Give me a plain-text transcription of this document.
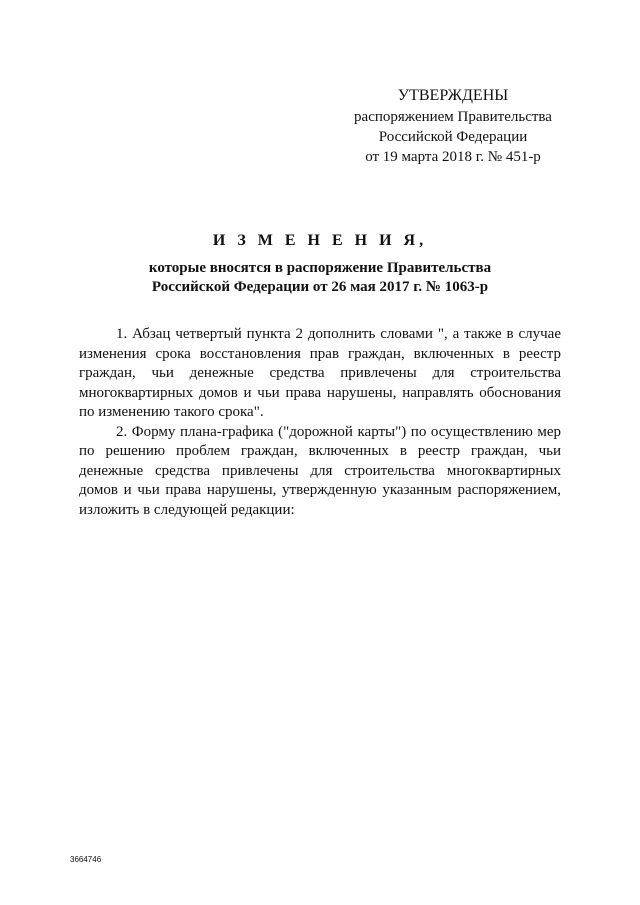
УТВЕРЖДЕНЫ
распоряжением Правительства
Российской Федерации
от 19 марта 2018 г. № 451-р
И З М Е Н Е Н И Я,
которые вносятся в распоряжение Правительства
Российской Федерации от 26 мая 2017 г. № 1063-р

1. Абзац четвертый пункта 2 дополнить словами ", а также в случае изменения срока восстановления прав граждан, включенных в реестр граждан, чьи денежные средства привлечены для строительства многоквартирных домов и чьи права нарушены, направлять обоснования по изменению такого срока".

2. Форму плана-графика ("дорожной карты") по осуществлению мер по решению проблем граждан, включенных в реестр граждан, чьи денежные средства привлечены для строительства многоквартирных домов и чьи права нарушены, утвержденную указанным распоряжением, изложить в следующей редакции:

3664746
